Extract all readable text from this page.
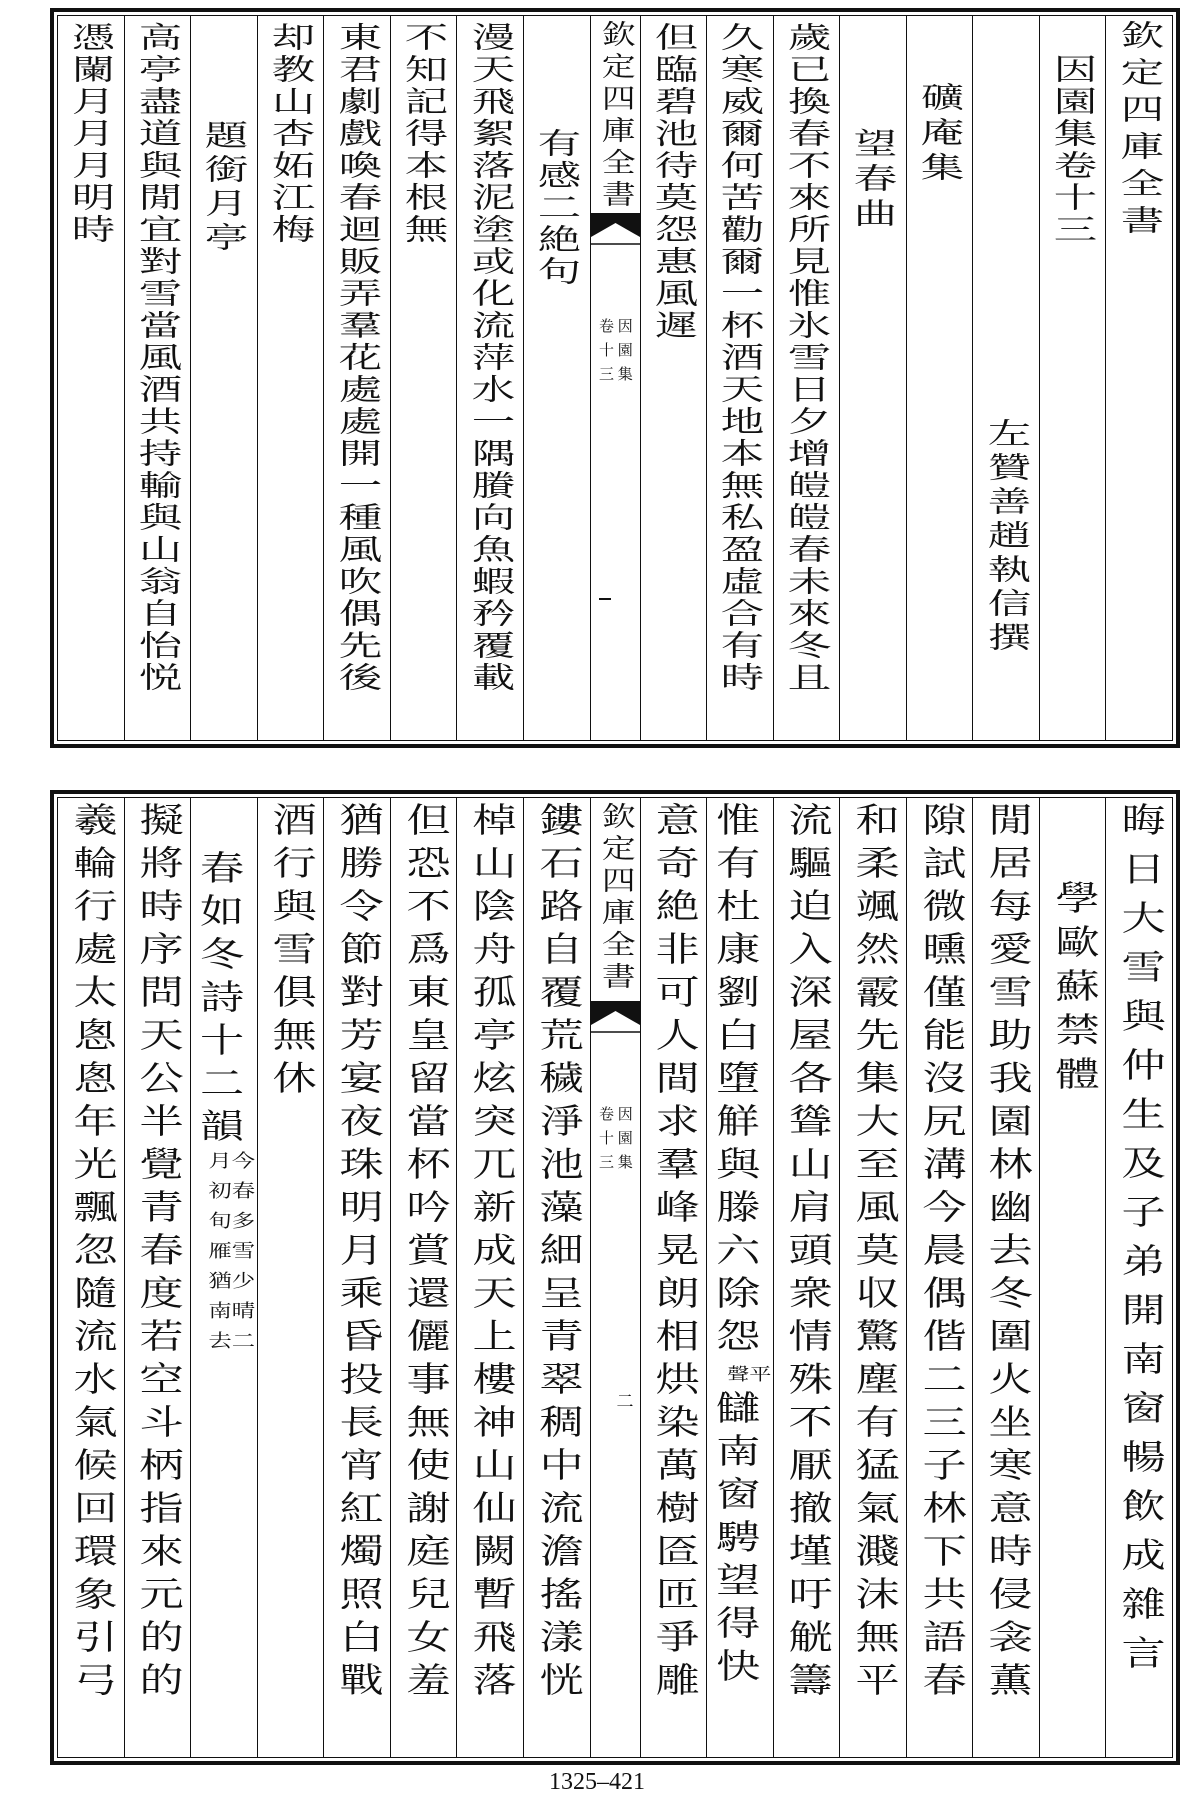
欽定四庫全書
因園集卷十三
左贊善趙執信撰
礦庵集
望春曲
歲已換春不來所見惟氷雪日夕增皚皚春未來冬且
久寒威爾何苦勸爾一杯酒天地本無私盈虛合有時
但臨碧池待莫怨惠風遲
欽定四庫全書
因園集
卷十三
有感二絶句
漫天飛絮落泥塗或化流萍水一隅賸向魚蝦矜覆載
不知記得本根無
東君劇戲喚春迴販弄羣花處處開一種風吹偶先後
却教山杏妬江梅
題銜月亭
高亭盡道與閒宜對雪當風酒共持輸與山翁自怡悦
憑闌月月月明時
晦日大雪與仲生及子弟開南窗暢飲成雜言
學歐蘇禁體
閒居每愛雪助我園林幽去冬圍火坐寒意時侵衾薫
隙試微曛僅能沒尻溝今晨偶偕二三子林下共語春
和柔颯然霰先集大至風莫収驚塵有猛氣濺沫無平
流驅迫入深屋各聳山肩頭衆情殊不厭撤墐吁觥籌
惟有杜康劉白墮觧與滕六除怨
平
聲
讎南窗騁望得快
意奇絶非可人間求羣峰晃朗相烘染萬樹匼匝爭雕
欽定四庫全書
因園集
卷十三
二
鏤石路自覆荒穢淨池藻細呈青翠稠中流澹搖漾恍
棹山陰舟孤亭炫突兀新成天上樓神山仙闕暫飛落
但恐不爲東皇留當杯吟賞還儷事無使謝庭兒女羞
猶勝令節對芳宴夜珠明月乘昏投長宵紅燭照白戰
酒行與雪俱無休
春如冬詩十二韻
今春多雪少晴二
月初旬雁猶南去
擬將時序問天公半覺青春度若空斗柄指來元的的
羲輪行處太悤悤年光飄忽隨流水氣候回環象引弓
1325–421
